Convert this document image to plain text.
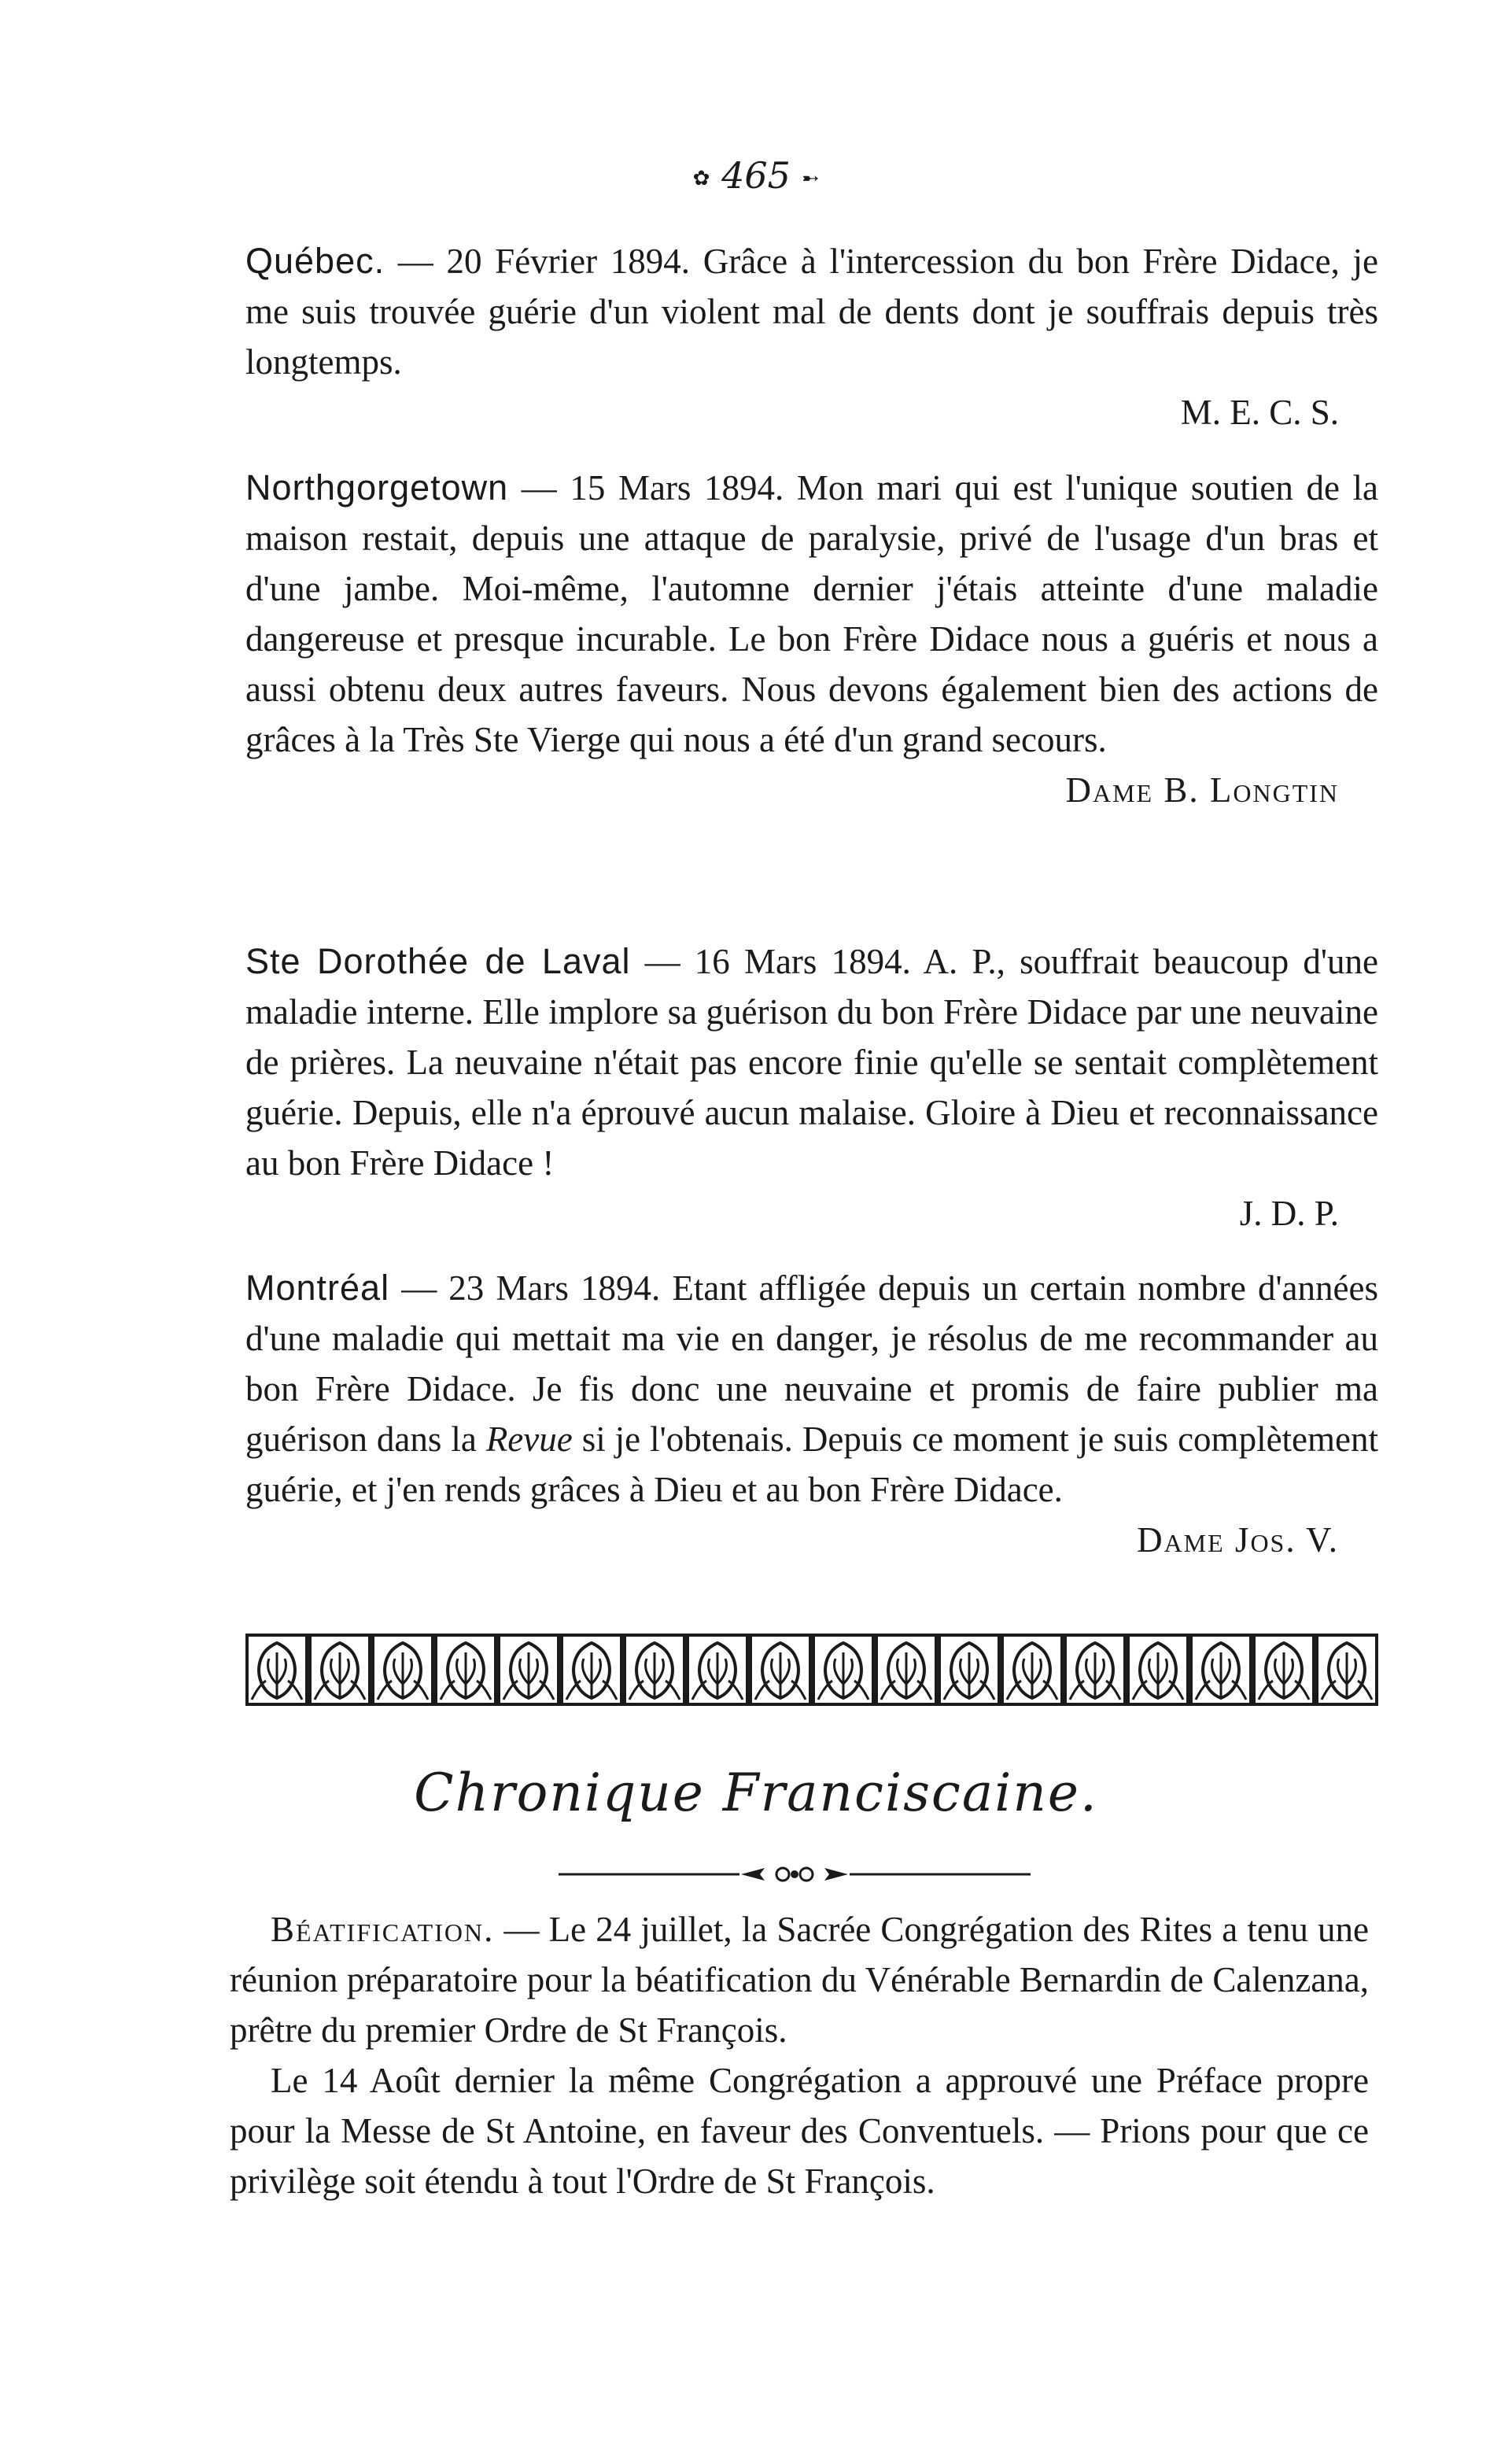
✿ 465 ➸

Québec. — 20 Février 1894. Grâce à l'intercession du bon Frère Didace, je me suis trouvée guérie d'un violent mal de dents dont je souffrais depuis très longtemps.

M. E. C. S.

Northgorgetown — 15 Mars 1894. Mon mari qui est l'unique soutien de la maison restait, depuis une attaque de paralysie, privé de l'usage d'un bras et d'une jambe. Moi-même, l'automne dernier j'étais atteinte d'une maladie dangereuse et presque incurable. Le bon Frère Didace nous a guéris et nous a aussi obtenu deux autres faveurs. Nous devons également bien des actions de grâces à la Très Ste Vierge qui nous a été d'un grand secours.

Dame B. Longtin

Ste Dorothée de Laval — 16 Mars 1894. A. P., souffrait beaucoup d'une maladie interne. Elle implore sa guérison du bon Frère Didace par une neuvaine de prières. La neuvaine n'était pas encore finie qu'elle se sentait complètement guérie. Depuis, elle n'a éprouvé aucun malaise. Gloire à Dieu et reconnaissance au bon Frère Didace !

J. D. P.

Montréal — 23 Mars 1894. Etant affligée depuis un certain nombre d'années d'une maladie qui mettait ma vie en danger, je résolus de me recommander au bon Frère Didace. Je fis donc une neuvaine et promis de faire publier ma guérison dans la Revue si je l'obtenais. Depuis ce moment je suis complètement guérie, et j'en rends grâces à Dieu et au bon Frère Didace.

Dame Jos. V.
Chronique Franciscaine.

Béatification. — Le 24 juillet, la Sacrée Congrégation des Rites a tenu une réunion préparatoire pour la béatification du Vénérable Bernardin de Calenzana, prêtre du premier Ordre de St François.

Le 14 Août dernier la même Congrégation a approuvé une Préface propre pour la Messe de St Antoine, en faveur des Conventuels. — Prions pour que ce privilège soit étendu à tout l'Ordre de St François.
